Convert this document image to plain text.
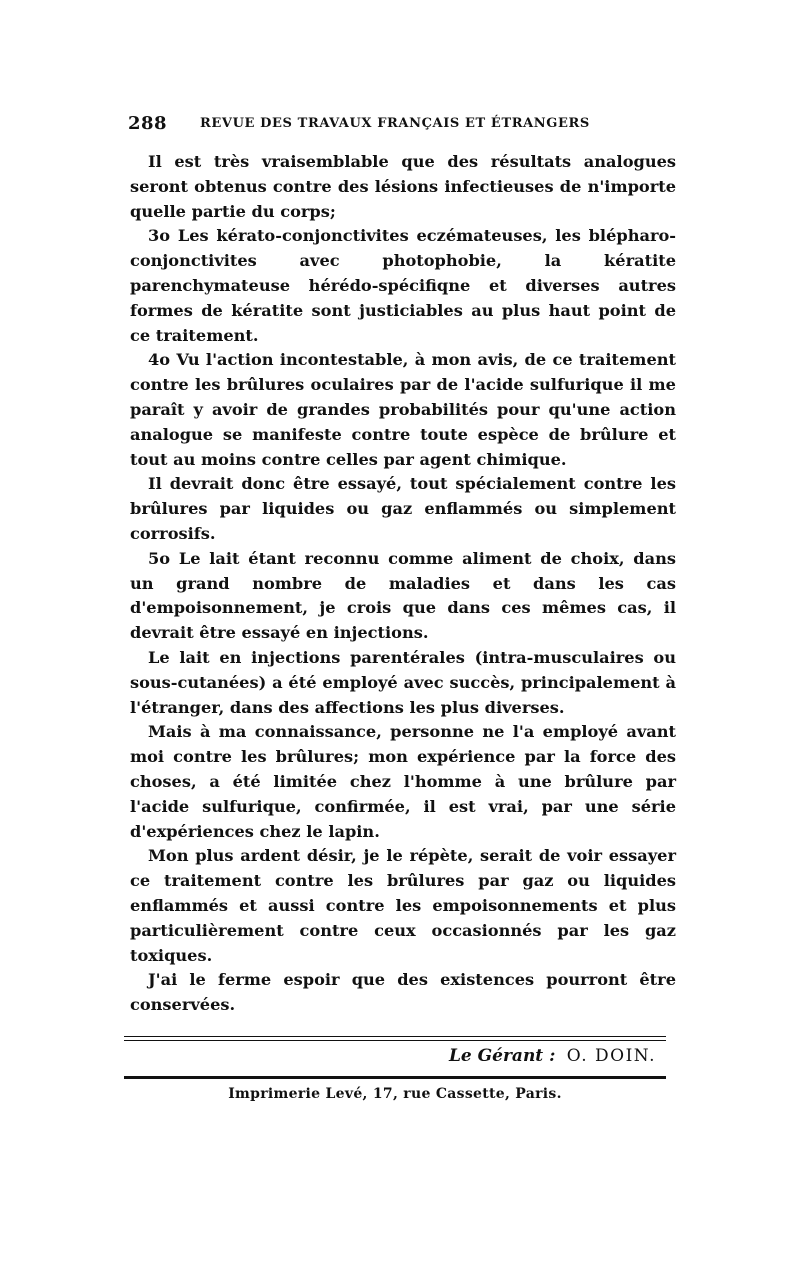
288	REVUE DES TRAVAUX FRANÇAIS ET ÉTRANGERS

Il est très vraisemblable que des résultats analogues seront obtenus contre des lésions infectieuses de n'importe quelle partie du corps;

3o Les kérato-conjonctivites eczémateuses, les blépharo-conjonctivites avec photophobie, la kératite parenchymateuse hérédo-spécifiqne et diverses autres formes de kératite sont justiciables au plus haut point de ce traitement.

4o Vu l'action incontestable, à mon avis, de ce traitement contre les brûlures oculaires par de l'acide sulfurique il me paraît y avoir de grandes probabilités pour qu'une action analogue se manifeste contre toute espèce de brûlure et tout au moins contre celles par agent chimique.

Il devrait donc être essayé, tout spécialement contre les brûlures par liquides ou gaz enflammés ou simplement corrosifs.

5o Le lait étant reconnu comme aliment de choix, dans un grand nombre de maladies et dans les cas d'empoisonnement, je crois que dans ces mêmes cas, il devrait être essayé en injections.

Le lait en injections parentérales (intra-musculaires ou sous-cutanées) a été employé avec succès, principalement à l'étranger, dans des affections les plus diverses.

Mais à ma connaissance, personne ne l'a employé avant moi contre les brûlures; mon expérience par la force des choses, a été limitée chez l'homme à une brûlure par l'acide sulfurique, confirmée, il est vrai, par une série d'expériences chez le lapin.

Mon plus ardent désir, je le répète, serait de voir essayer ce traitement contre les brûlures par gaz ou liquides enflammés et aussi contre les empoisonnements et plus particulièrement contre ceux occasionnés par les gaz toxiques.

J'ai le ferme espoir que des existences pourront être conservées.

Le Gérant : O. DOIN.
Imprimerie Levé, 17, rue Cassette, Paris.
